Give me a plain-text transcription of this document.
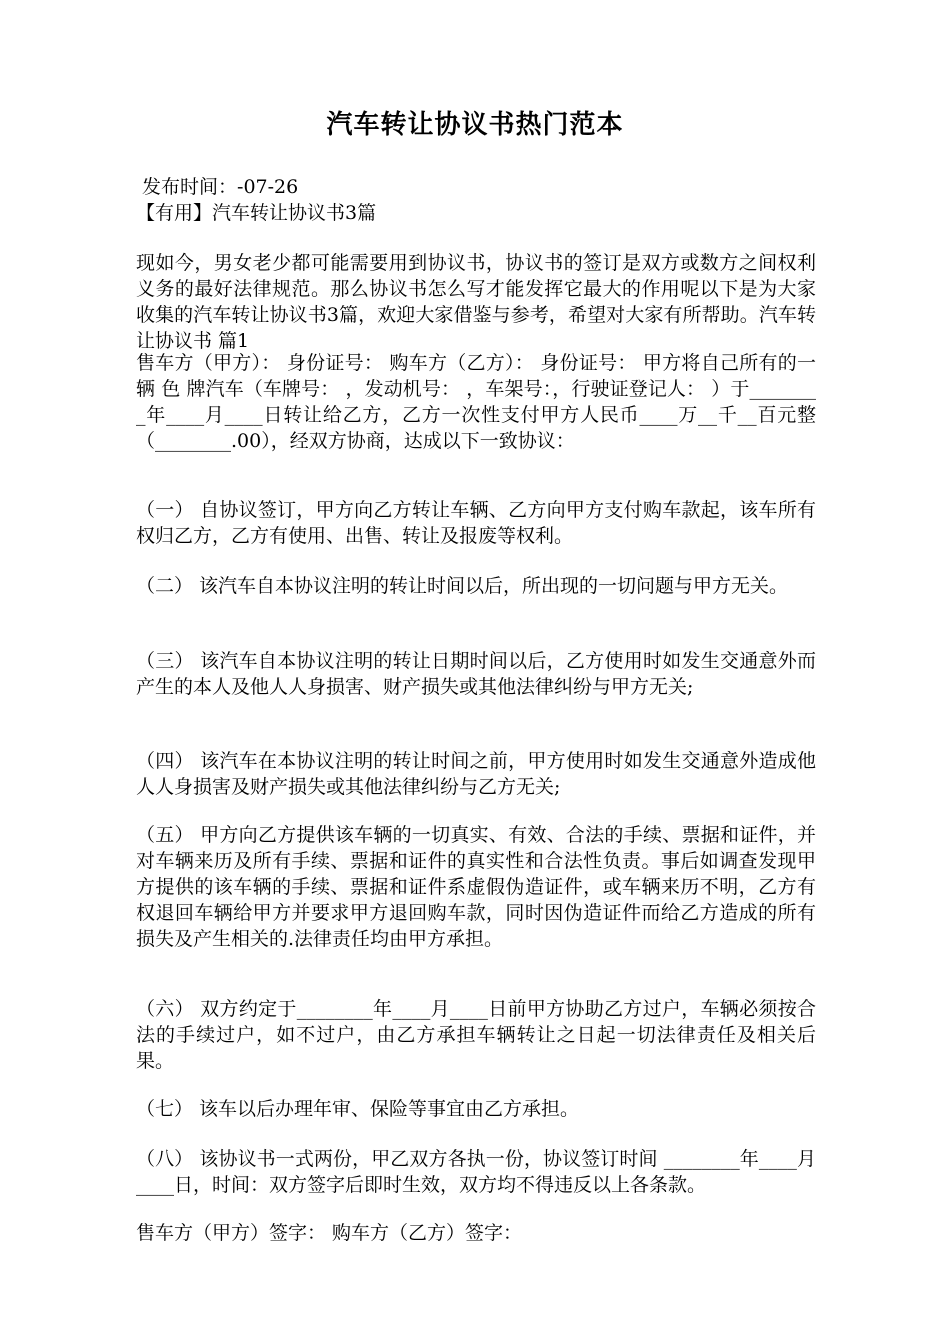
汽车转让协议书热门范本
发布时间：-07-26
【有用】汽车转让协议书3篇
现如今，男女老少都可能需要用到协议书，协议书的签订是双方或数方之间权利义务的最好法律规范。那么协议书怎么写才能发挥它最大的作用呢以下是为大家收集的汽车转让协议书3篇，欢迎大家借鉴与参考，希望对大家有所帮助。汽车转让协议书 篇1
售车方（甲方）： 身份证号： 购车方（乙方）： 身份证号： 甲方将自己所有的一辆 色 牌汽车（车牌号： ，发动机号： ，车架号：，行驶证登记人： ）于________年____月____日转让给乙方，乙方一次性支付甲方人民币____万__千__百元整（________.00），经双方协商，达成以下一致协议：
（一） 自协议签订，甲方向乙方转让车辆、乙方向甲方支付购车款起，该车所有权归乙方，乙方有使用、出售、转让及报废等权利。
（二） 该汽车自本协议注明的转让时间以后，所出现的一切问题与甲方无关。
（三） 该汽车自本协议注明的转让日期时间以后，乙方使用时如发生交通意外而产生的本人及他人人身损害、财产损失或其他法律纠纷与甲方无关;
（四） 该汽车在本协议注明的转让时间之前，甲方使用时如发生交通意外造成他人人身损害及财产损失或其他法律纠纷与乙方无关;
（五） 甲方向乙方提供该车辆的一切真实、有效、合法的手续、票据和证件，并对车辆来历及所有手续、票据和证件的真实性和合法性负责。事后如调查发现甲方提供的该车辆的手续、票据和证件系虚假伪造证件，或车辆来历不明，乙方有权退回车辆给甲方并要求甲方退回购车款，同时因伪造证件而给乙方造成的所有损失及产生相关的.法律责任均由甲方承担。
（六） 双方约定于________年____月____日前甲方协助乙方过户，车辆必须按合法的手续过户，如不过户，由乙方承担车辆转让之日起一切法律责任及相关后果。
（七） 该车以后办理年审、保险等事宜由乙方承担。
（八） 该协议书一式两份，甲乙双方各执一份，协议签订时间 ________年____月____日，时间：双方签字后即时生效，双方均不得违反以上各条款。
售车方（甲方）签字： 购车方（乙方）签字：
